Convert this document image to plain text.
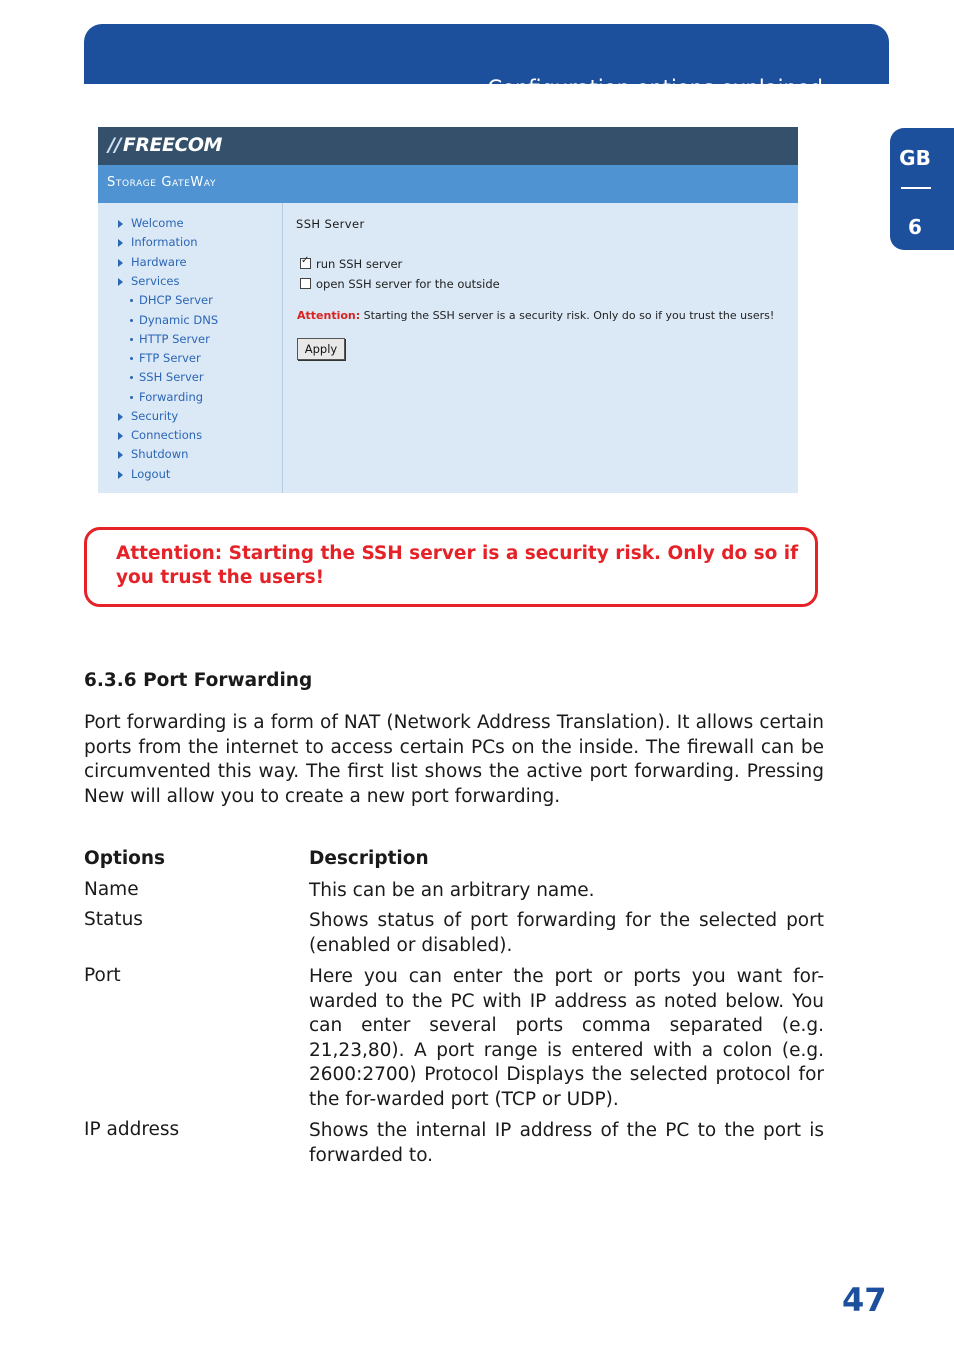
Configuration options explained
GB
6
// FREECOM
Storage GateWay
Welcome
Information
Hardware
Services
DHCP Server
Dynamic DNS
HTTP Server
FTP Server
SSH Server
Forwarding
Security
Connections
Shutdown
Logout
SSH Server
✓run SSH server
open SSH server for the outside
Attention: Starting the SSH server is a security risk. Only do so if you trust the users!
Apply
Attention: Starting the SSH server is a security risk. Only do so if you trust the users!
6.3.6 Port Forwarding
Port forwarding is a form of NAT (Network Address Translation). It allows certain ports from the internet to access certain PCs on the inside. The firewall can be circumvented this way. The first list shows the active port forwarding. Pressing New will allow you to create a new port forwarding.
Options	Description
Name	This can be an arbitrary name.
Status	Shows status of port forwarding for the selected port (enabled or disabled).
Port	Here you can enter the port or ports you want for-warded to the PC with IP address as noted below. You can enter several ports comma separated (e.g. 21,23,80). A port range is entered with a colon (e.g. 2600:2700) Protocol Displays the selected protocol for the for-warded port (TCP or UDP).
IP address	Shows the internal IP address of the PC to the port is forwarded to.
47
